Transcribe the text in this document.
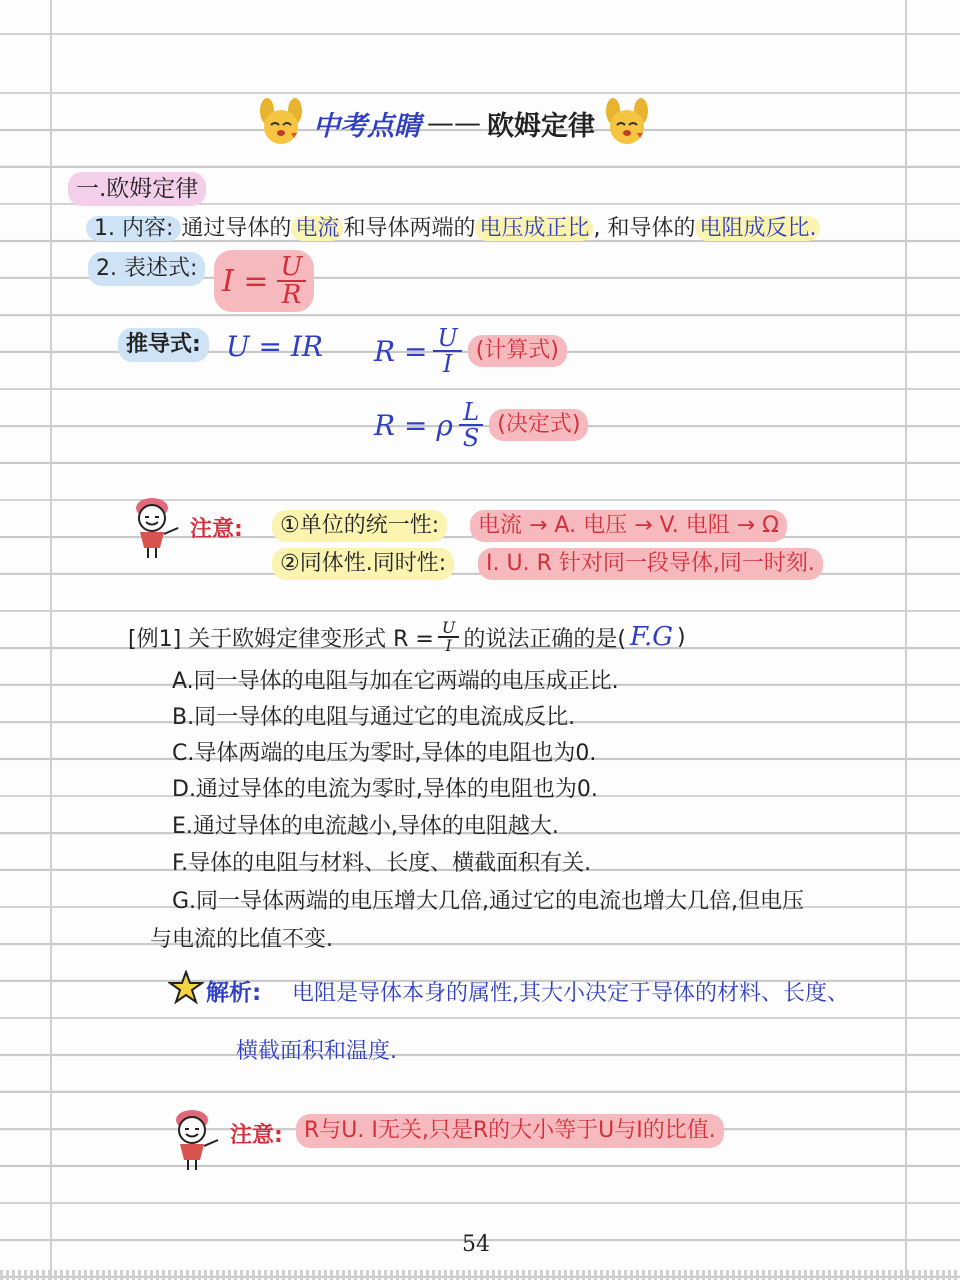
中考点睛 —— 欧姆定律
一.欧姆定律
1. 内容: 通过导体的 电流 和导体两端的 电压成正比 , 和导体的 电阻成反比.
2. 表述式: $I = \frac{U}{R}$
推导式: U = IR $R = \frac{U}{I}$ (计算式)
R = ρ $\frac{L}{S}$ (决定式)
注意:	①单位的统一性:	电流 → A. 电压 → V. 电阻 → Ω
②同体性.同时性:	I. U. R 针对同一段导体,同一时刻.
[例1] 关于欧姆定律变形式 $R = \frac{U}{I}$ 的说法正确的是( F.G )
A.同一导体的电阻与加在它两端的电压成正比.
B.同一导体的电阻与通过它的电流成反比.
C.导体两端的电压为零时,导体的电阻也为0.
D.通过导体的电流为零时,导体的电阻也为0.
E.通过导体的电流越小,导体的电阻越大.
F.导体的电阻与材料、长度、横截面积有关.
G.同一导体两端的电压增大几倍,通过它的电流也增大几倍,但电压
与电流的比值不变.
解析: 电阻是导体本身的属性,其大小决定于导体的材料、长度、
横截面积和温度.
注意: R与U. I无关,只是R的大小等于U与I的比值.
54
